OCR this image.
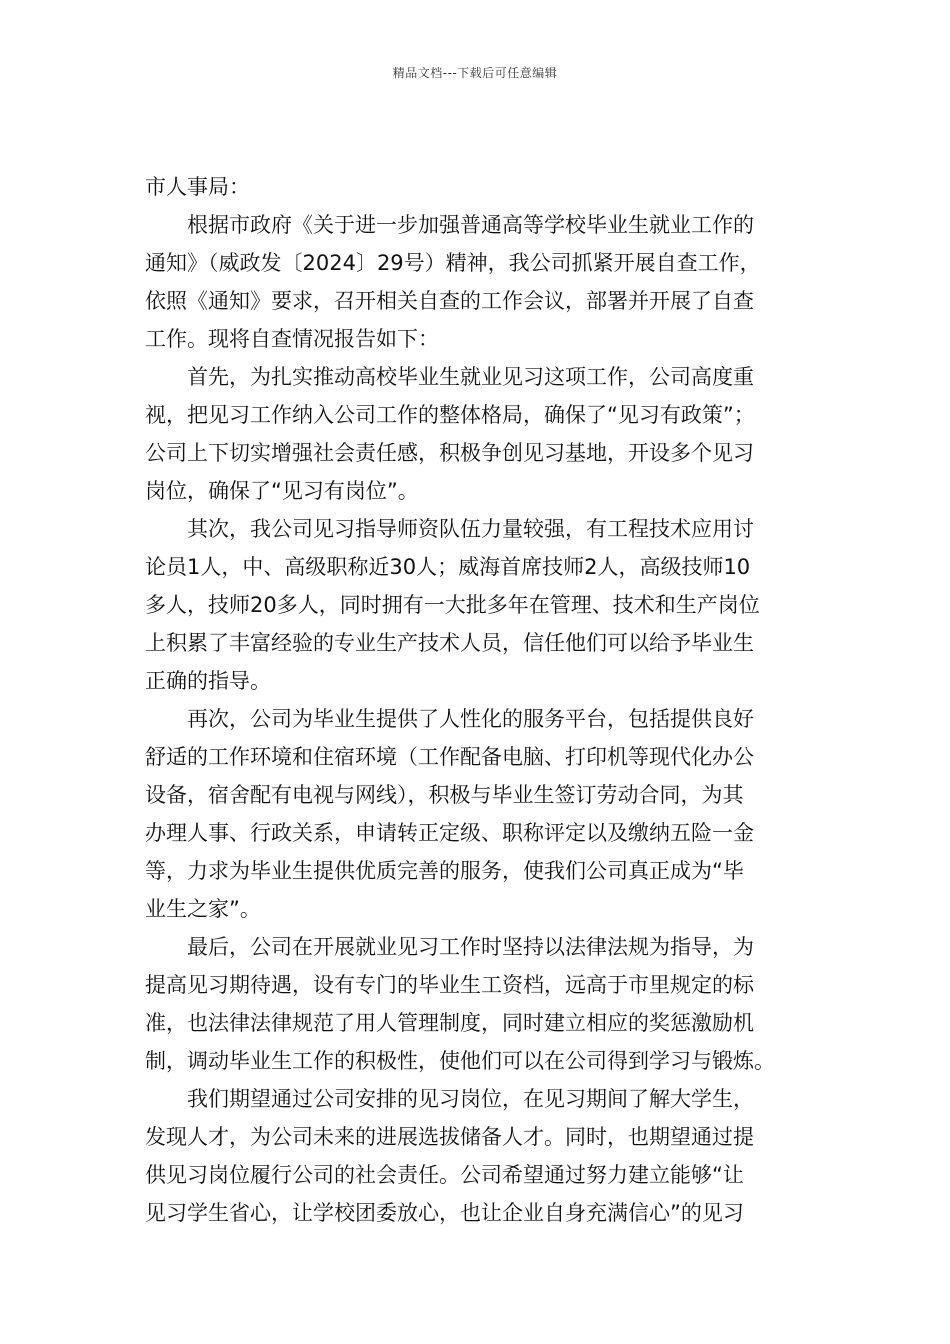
精品文档---下载后可任意编辑
市人事局：
　　根据市政府《关于进一步加强普通高等学校毕业生就业工作的
通知》（威政发〔2024〕29号）精神，我公司抓紧开展自查工作，
依照《通知》要求，召开相关自查的工作会议，部署并开展了自查
工作。现将自查情况报告如下：
　　首先，为扎实推动高校毕业生就业见习这项工作，公司高度重
视，把见习工作纳入公司工作的整体格局，确保了“见习有政策”；
公司上下切实增强社会责任感，积极争创见习基地，开设多个见习
岗位，确保了“见习有岗位”。
　　其次，我公司见习指导师资队伍力量较强，有工程技术应用讨
论员1人，中、高级职称近30人；威海首席技师2人，高级技师10
多人，技师20多人，同时拥有一大批多年在管理、技术和生产岗位
上积累了丰富经验的专业生产技术人员，信任他们可以给予毕业生
正确的指导。
　　再次，公司为毕业生提供了人性化的服务平台，包括提供良好
舒适的工作环境和住宿环境（工作配备电脑、打印机等现代化办公
设备，宿舍配有电视与网线），积极与毕业生签订劳动合同，为其
办理人事、行政关系，申请转正定级、职称评定以及缴纳五险一金
等，力求为毕业生提供优质完善的服务，使我们公司真正成为“毕
业生之家”。
　　最后，公司在开展就业见习工作时坚持以法律法规为指导，为
提高见习期待遇，设有专门的毕业生工资档，远高于市里规定的标
准，也法律法律规范了用人管理制度，同时建立相应的奖惩激励机
制，调动毕业生工作的积极性，使他们可以在公司得到学习与锻炼。
　　我们期望通过公司安排的见习岗位，在见习期间了解大学生，
发现人才，为公司未来的进展选拔储备人才。同时，也期望通过提
供见习岗位履行公司的社会责任。公司希望通过努力建立能够“让
见习学生省心，让学校团委放心，也让企业自身充满信心”的见习
